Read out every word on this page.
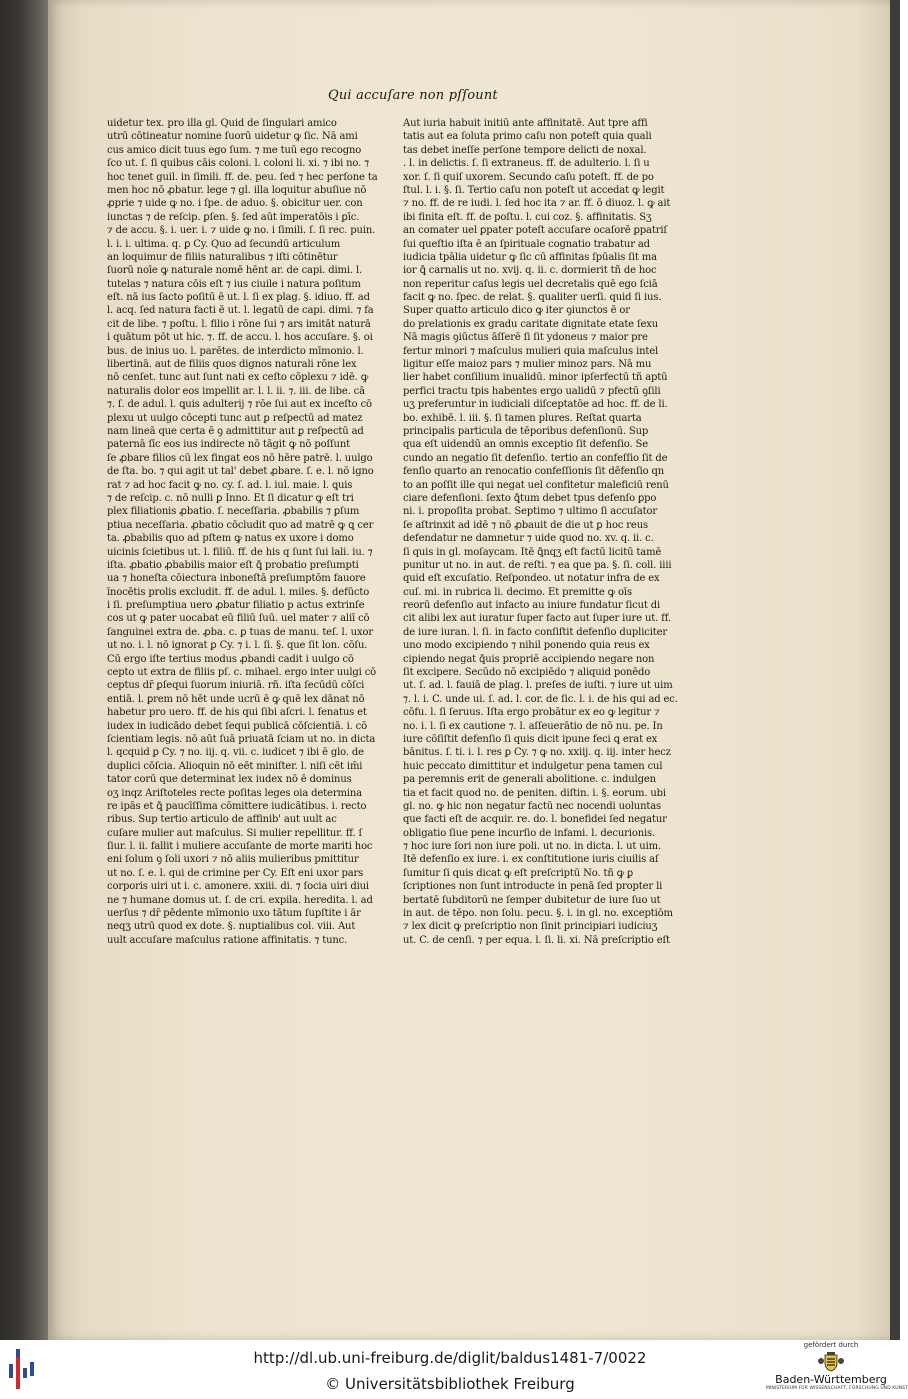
Qui accuſare non pſſount
uidetur tex. pro illa gl. Quid de ſingulari amico
utrū cōtineatur nomine ſuorū uidetur ꝙ ſic. Nā ami
cus amico dicit tuus ego ſum. ⁊ me tuū ego recogno
ſco ut. ſ. ſi quibus cāis coloni. l. coloni li. xi. ⁊ ibi no. ⁊
hoc tenet guil. in ſimili. ff. de. peu. ſed ⁊ hec perſone ta
men hoc nō ꝓbatur. lege ⁊ gl. illa loquitur abuſiue nō
ꝓprie ⁊ uide ꝙ no. i ſpe. de aduo. §. obicitur uer. con
iunctas ⁊ de reſcip. ꝑſen. §. ſed aūt imperatōis i ꝑīc.
⁊ de accu. §. i. uer. i. ⁊ uide ꝙ no. i ſimili. ſ. ſi rec. puin.
l. i. i. ultima. q. ꝑ Cy. Quo ad ſecundū articulum
an loquimur de filiis naturalibus ⁊ iſti cōtinētur
ſuorū noīe ꝙ naturale nomē hēnt ar. de capi. dimi. l.
tutelas ⁊ natura cōis eſt ⁊ ius ciuile i natura poſitum
eſt. nā ius ſacto poſitū ē ut. l. ſi ex plag. §. idiuo. ff. ad
l. acq. ſed natura facti ē ut. l. legatū de capi. dimi. ⁊ fa
cit de libe. ⁊ poſtu. l. filio i rōne ſui ⁊ ars imitāt naturā
i quātum pōt ut hic. ⁊. ff. de accu. l. hos accuſare. §. oi
bus. de inius uo. l. parētes. de interdicto mīmonio. l.
libertinā. aut de filiis quos dignos naturali rōne lex
nō cenſet. tunc aut ſunt nati ex ceſto cōplexu ⁊ idē. ꝙ
naturalis dolor eos impellit ar. l. l. ii. ⁊. iii. de libe. cā
⁊. ſ. de adul. l. ꝗuis adulterij ⁊ rōe ſui aut ex inceſto cō
plexu ut uulgo cōcepti tunc aut ꝑ reſpectū ad matez
nam lineā que certa ē ꝯ admittitur aut ꝑ reſpectū ad
paternā ſīc eos ius indirecte nō tāgit ꝙ nō poſſunt
ſe ꝓbare filios cū lex fingat eos nō hēre patrē. l. uulgo
de ſta. bo. ⁊ qui agit ut tal' debet ꝓbare. ſ. e. l. nō igno
rat ⁊ ad hoc facit ꝙ no. cy. ſ. ad. l. iul. maie. l. ꝗuis
⁊ de reſcip. c. nō nulli ꝑ Inno. Et ſi dicatur ꝙ eſt tri
plex filiationis ꝓbatio. ſ. neceſſaria. ꝓbabilis ⁊ ꝑſum
ptiua neceſſaria. ꝓbatio cōcludit quo ad matrē ꝙ ꝗ cer
ta. ꝓbabilis quo ad pſtem ꝙ natus ex uxore i domo
uicinis ſcietibus ut. l. filiū. ff. de his q ſunt ſui lali. iu. ⁊
iſta. ꝓbatio ꝓbabilis maior eſt ꝗ̄ probatio preſumpti
ua ⁊ honeſta cōiectura inboneſtā preſumptōm fauore
īnocētis prolis excludit. ff. de adul. l. miles. §. defūcto
i ſi. preſumptiua uero ꝓbatur filiatio p actus extrinſe
cos ut ꝙ pater uocabat eū filiū ſuū. uel mater ⁊ aliī cō
ſanguinei extra de. ꝓba. c. ꝑ tuas de manu. teſ. l. uxor
ut no. i. l. nō ignorat ꝑ Cy. ⁊ i. l. ſi. §. que ſit lon. cōſu.
Cū ergo iſte tertius modus ꝓbandi cadit i uulgo cō
cepto ut extra de filiis pſ. c. mihael. ergo inter uulgi cō
ceptus dr̄ ꝑſequi ſuorum iniuriā. rñ. iſta ſecūdū cōſci
entiā. l. ꝑrem nō hēt unde ucrū ē ꝙ quē lex dānat nō
habetur pro uero. ff. de his qui ſibi aſcri. l. ſenatus et
iudex in iudicādo debet ſequi publicā cōſcientiā. i. cō
ſcientiam legis. nō aūt ſuā priuatā ſciam ut no. in dicta
l. qcquid ꝑ Cy. ⁊ no. iij. q. vii. c. iudicet ⁊ ibi ē glo. de
duplici cōſcia. Alioquin nō eēt miniſter. l. niſi cēt im̄i
tator corū que determinat lex iudex nō ē dominus
oʒ inqz Ariſtoteles recte poſitas leges oia determina
re ipās et ꝗ̄ paucīſſima cōmittere iudicātibus. i. recto
ribus. Sup tertio articulo de affinib' aut uult ac
cuſare mulier aut maſculus. Si mulier repellitur. ff. ſ
ſiur. l. ii. fallit i muliere accuſante de morte mariti hoc
eni ſolum ꝯ ſoli uxori ⁊ nō aliis mulieribus pmittitur
ut no. ſ. e. l. qui de crimine per Cy. Eſt eni uxor pars
corporis uiri ut i. c. amonere. xxiii. di. ⁊ ſocia uiri diui
ne ⁊ humane domus ut. ſ. de cri. expila. heredita. l. ad
uerſus ⁊ dr̄ pēdente mīmonio uxo tātum ſupſtite i ār
neqʒ utrū quod ex dote. §. nuptialibus col. viii. Aut
uult accuſare maſculus ratione affinitatis. ⁊ tunc.
Aut iuria habuit initiū ante affinitatē. Aut tpre affi
tatis aut ea ſoluta primo caſu non poteſt quia quali
tas debet ineſſe perſone tempore delicti de noxal.
. l. in delictis. ſ. ſi extraneus. ff. de adulterio. l. ſi u
xor. ſ. ſi quiſ uxorem. Secundo caſu poteſt. ff. de po
ſtul. l. i. §. ſi. Tertio caſu non poteſt ut accedat ꝙ legit
⁊ no. ff. de re iudi. l. ſed hoc ita ⁊ ar. ff. ō diuoz. l. ꝙ ait
ibi finita eſt. ff. de poſtu. l. cui coz. §. affinitatis. Sʒ
an comater uel ꝑpater poteſt accuſare ocaſorē ꝑpatriſ
ſui queſtio iſta ē an ſpirituale cognatio trabatur ad
iudicia tpālia uidetur ꝙ ſic cū affinitas ſpūalis ſit ma
ior ꝗ̄ carnalis ut no. xvij. q. ii. c. dormierit tñ de hoc
non reperitur caſus legis uel decretalis quē ego ſciā
facit ꝙ no. ſpec. de relat. §. qualiter uerſi. quid ſi ius.
Super quatto articulo dico ꝙ iter ꝯiunctos ē or
do prelationis ex gradu caritate dignitate etate ſexu
Nā magis ꝯiūctus āſſerē ſi ſit ydoneus ⁊ maior pre
fertur minori ⁊ maſculus mulieri quia maſculus intel
ligitur eſſe maioz pars ⁊ mulier minoz pars. Nā mu
lier habet conſilium inualidū. minor ipſerfectū tñ aptū
perfici tractu tpis habentes ergo ualidū ⁊ pfectū ꝯſili
uʒ preferuntur in iudiciali diſceptatōe ad hoc. ff. de li.
bo. exhibē. l. iii. §. ſi tamen plures. Reſtat quarta
principalis particula de tēporibus defenſionū. Sup
qua eſt uidendū an omnis exceptio ſit defenſio. Se
cundo an negatio ſit defenſio. tertio an confeſſio ſit de
fenſio quarto an renocatio confeſſionis ſit dēfenſio qn
to an poſſit ille qui negat uel confitetur maleficiū renū
ciare defenſioni. ſexto ꝗ̄tum debet tpus defenſo ꝑpo
ni. i. propoſita probat. Septimo ⁊ ultimo ſi accuſator
ſe aſtrinxit ad idē ⁊ nō ꝓbauit de die ut ꝑ hoc reus
defendatur ne damnetur ⁊ uide quod no. xv. q. ii. c.
ſi quis in gl. moſaycam. Itē ꝗ̄nqʒ eſt factū licitū tamē
punitur ut no. in aut. de reſti. ⁊ ea que pa. §. ſi. coll. iiii
quid eſt excuſatio. Reſpondeo. ut notatur infra de ex
cuſ. mi. in rubrica li. decimo. Et premitte ꝙ oīs
reorū defenſio aut infacto au iniure fundatur ſicut di
cit alibi lex aut iuratur ſuper facto aut ſuper iure ut. ff.
de iure iuran. l. ſi. in facto conſiſtit defenſio dupliciter
uno modo excipiendo ⁊ nihil ponendo quia reus ex
cipiendo negat ꝗ̄uis propriē accipiendo negare non
ſit excipere. Secūdo nō excipiēdo ⁊ aliquid ponēdo
ut. ſ. ad. l. fauiā de plag. l. preſes de iuſti. ⁊ iure ut uim
⁊. l. i. C. unde ui. ſ. ad. l. cor. de ſic. l. i. de his qui ad ec.
cōfu. l. ſi ſeruus. Iſta ergo probātur ex eo ꝙ legitur ⁊
no. i. l. ſi ex cautione ⁊. l. aſſeuerātio de nō nu. pe. In
iure cōſiſtit defenſio ſi quis dicit ipune feci ꝗ erat ex
bānitus. ſ. ti. i. l. res ꝑ Cy. ⁊ ꝙ no. xxiij. q. iij. inter hecz
huic peccato dimittitur et indulgetur pena tamen cul
pa peremnis erit de generali abolitione. c. indulgen
tia et facit quod no. de peniten. diſtin. i. §. eorum. ubi
gl. no. ꝙ hic non negatur factū nec nocendi uoluntas
que facti eſt de acquir. re. do. l. bonefidei ſed negatur
obligatio ſiue pene incurſio de infami. l. decurionis.
⁊ hoc iure ſori non iure poli. ut no. in dicta. l. ut uim.
Itē defenſio ex iure. i. ex conſtitutione iuris ciuilis aſ
ſumitur ſi quis dicat ꝙ eſt preſcriptū No. tñ ꝙ ꝑ
ſcriptiones non ſunt introducte in penā ſed propter li
bertatē ſubditorū ne ſemper dubitetur de iure ſuo ut
in aut. de tēpo. non ſolu. pecu. §. i. in gl. no. exceptiōm
⁊ lex dicit ꝙ preſcriptio non ſinit principiari iudiciuʒ
ut. C. de cenſi. ⁊ per equa. l. ſi. li. xi. Nā preſcriptio eſt
http://dl.ub.uni-freiburg.de/diglit/baldus1481-7/0022
© Universitätsbibliothek Freiburg
gefördert durch
Baden-Württemberg
MINISTERIUM FÜR WISSENSCHAFT, FORSCHUNG UND KUNST
